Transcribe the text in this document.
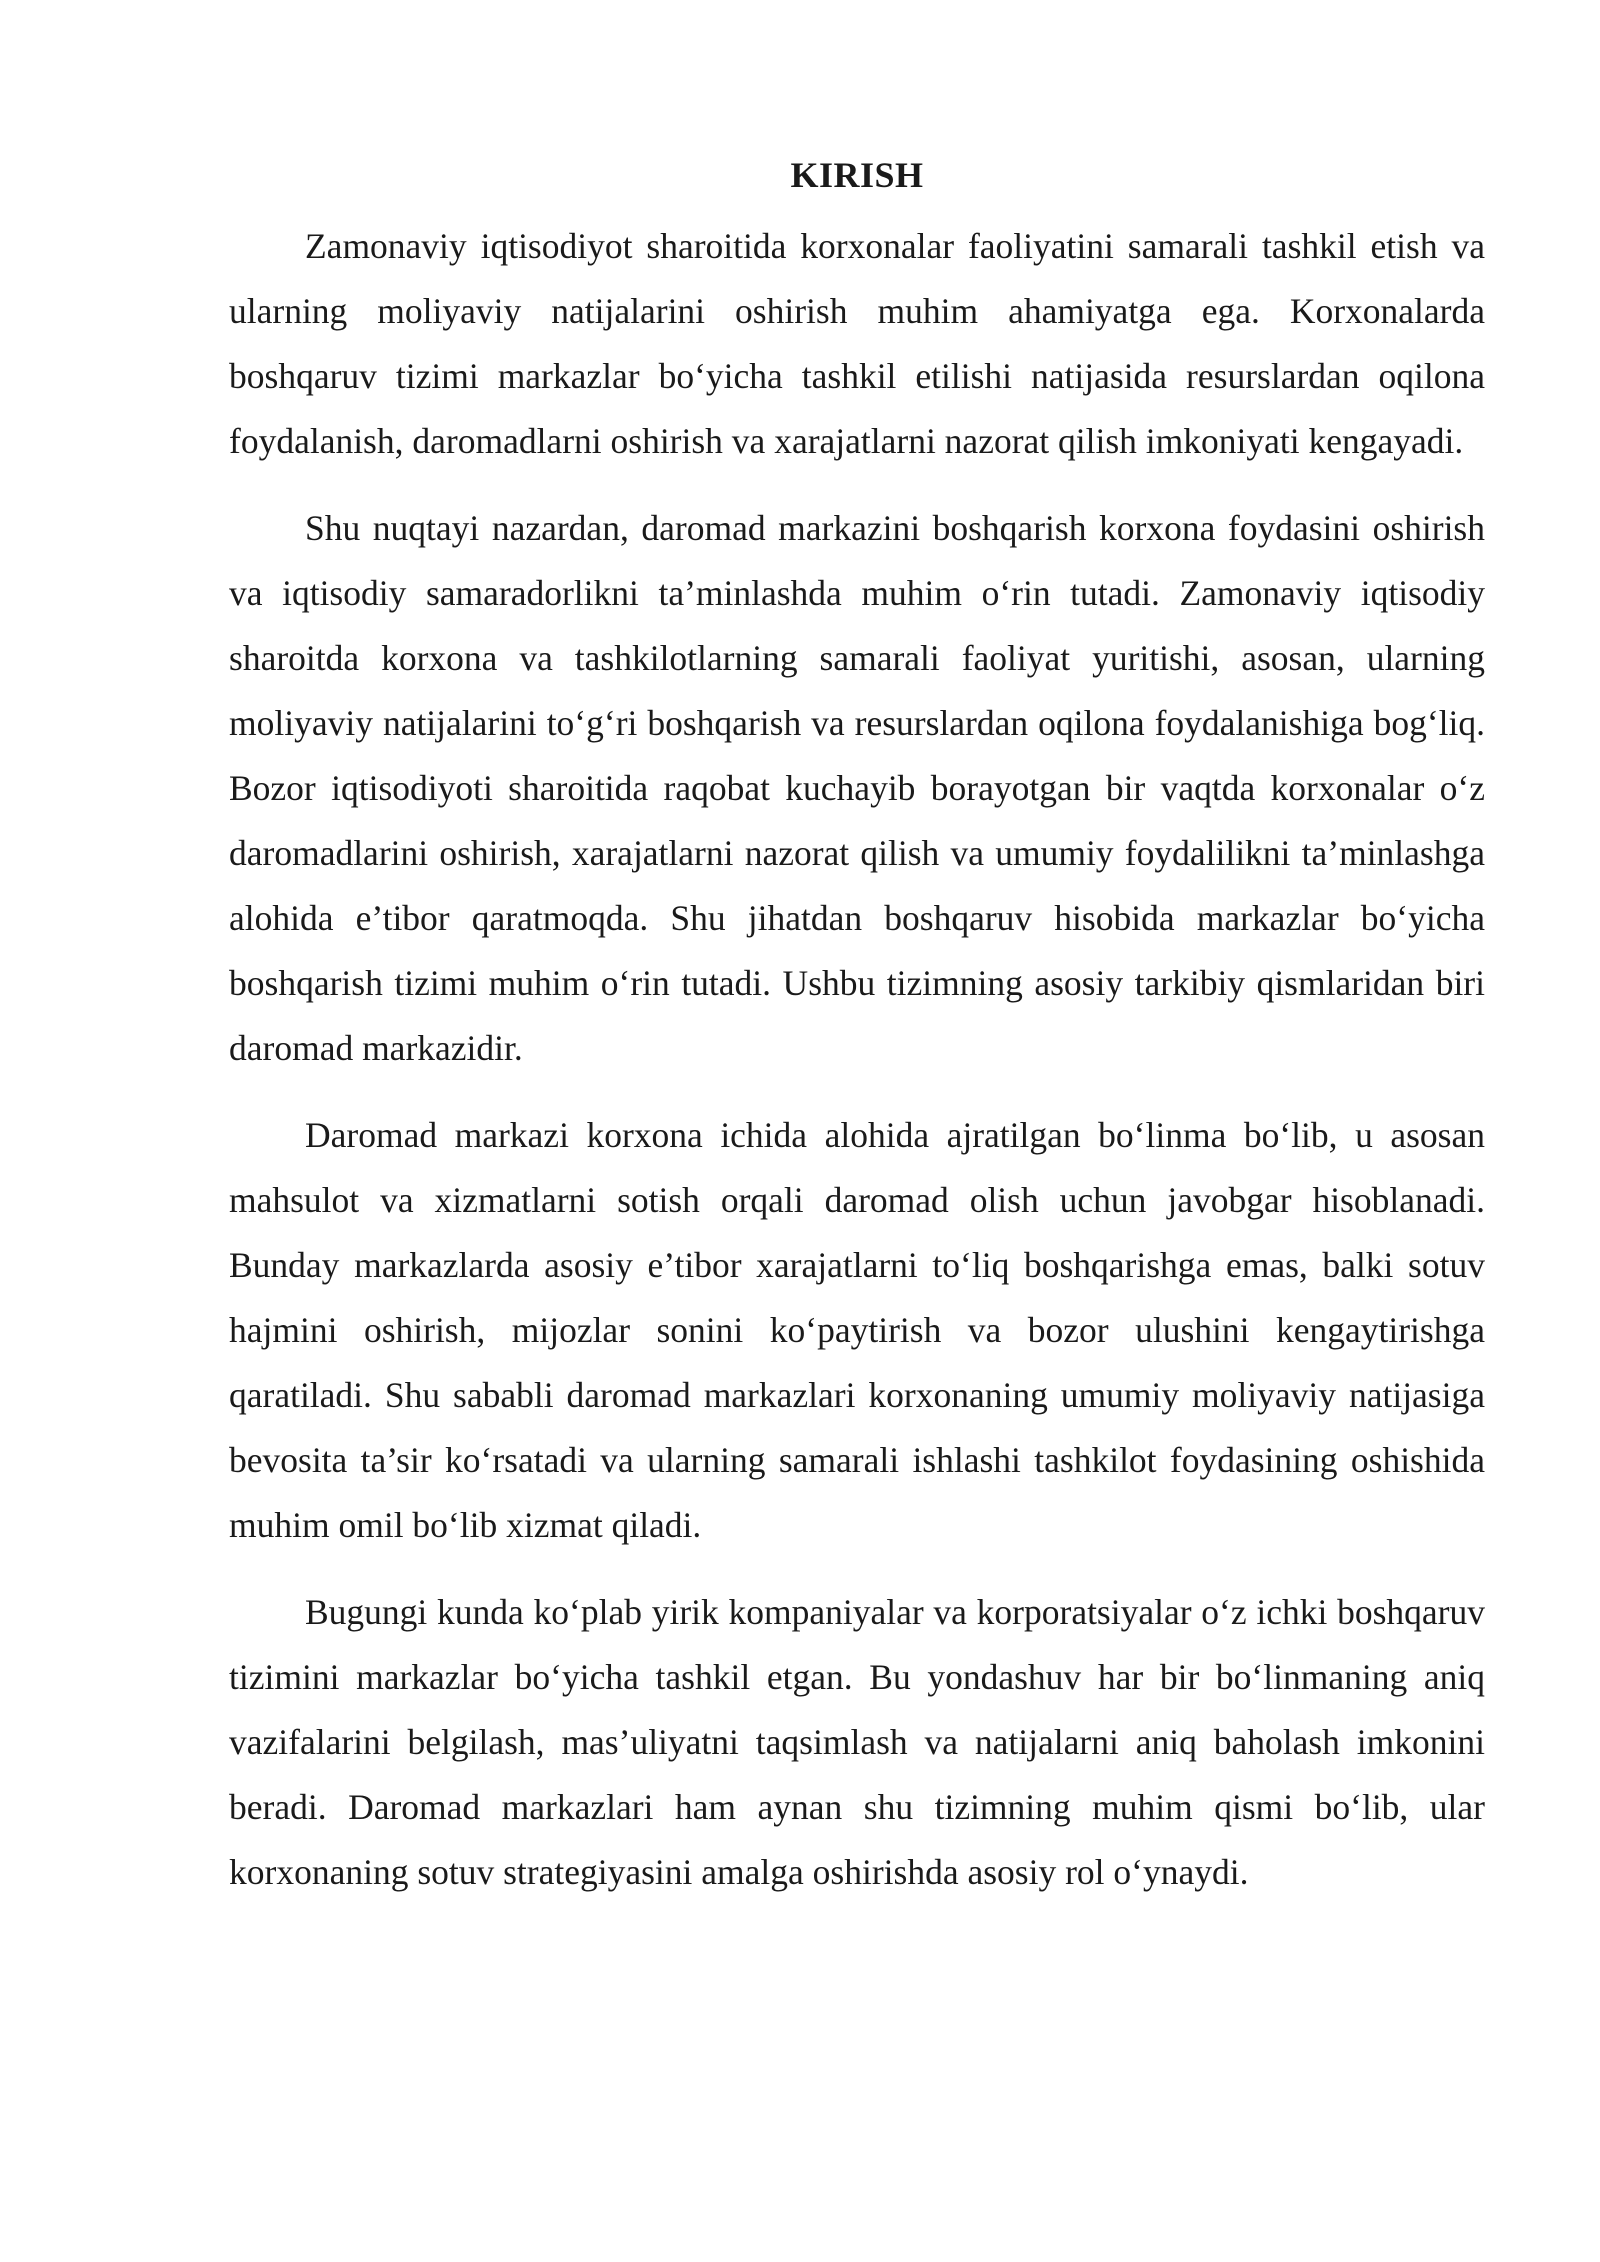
KIRISH

Zamonaviy iqtisodiyot sharoitida korxonalar faoliyatini samarali tashkil etish va ularning moliyaviy natijalarini oshirish muhim ahamiyatga ega. Korxonalarda boshqaruv tizimi markazlar bo‘yicha tashkil etilishi natijasida resurslardan oqilona foydalanish, daromadlarni oshirish va xarajatlarni nazorat qilish imkoniyati kengayadi.

Shu nuqtayi nazardan, daromad markazini boshqarish korxona foydasini oshirish va iqtisodiy samaradorlikni ta’minlashda muhim o‘rin tutadi. Zamonaviy iqtisodiy sharoitda korxona va tashkilotlarning samarali faoliyat yuritishi, asosan, ularning moliyaviy natijalarini to‘g‘ri boshqarish va resurslardan oqilona foydalanishiga bog‘liq. Bozor iqtisodiyoti sharoitida raqobat kuchayib borayotgan bir vaqtda korxonalar o‘z daromadlarini oshirish, xarajatlarni nazorat qilish va umumiy foydalilikni ta’minlashga alohida e’tibor qaratmoqda. Shu jihatdan boshqaruv hisobida markazlar bo‘yicha boshqarish tizimi muhim o‘rin tutadi. Ushbu tizimning asosiy tarkibiy qismlaridan biri daromad markazidir.

Daromad markazi korxona ichida alohida ajratilgan bo‘linma bo‘lib, u asosan mahsulot va xizmatlarni sotish orqali daromad olish uchun javobgar hisoblanadi. Bunday markazlarda asosiy e’tibor xarajatlarni to‘liq boshqarishga emas, balki sotuv hajmini oshirish, mijozlar sonini ko‘paytirish va bozor ulushini kengaytirishga qaratiladi. Shu sababli daromad markazlari korxonaning umumiy moliyaviy natijasiga bevosita ta’sir ko‘rsatadi va ularning samarali ishlashi tashkilot foydasining oshishida muhim omil bo‘lib xizmat qiladi.

Bugungi kunda ko‘plab yirik kompaniyalar va korporatsiyalar o‘z ichki boshqaruv tizimini markazlar bo‘yicha tashkil etgan. Bu yondashuv har bir bo‘linmaning aniq vazifalarini belgilash, mas’uliyatni taqsimlash va natijalarni aniq baholash imkonini beradi. Daromad markazlari ham aynan shu tizimning muhim qismi bo‘lib, ular korxonaning sotuv strategiyasini amalga oshirishda asosiy rol o‘ynaydi.
